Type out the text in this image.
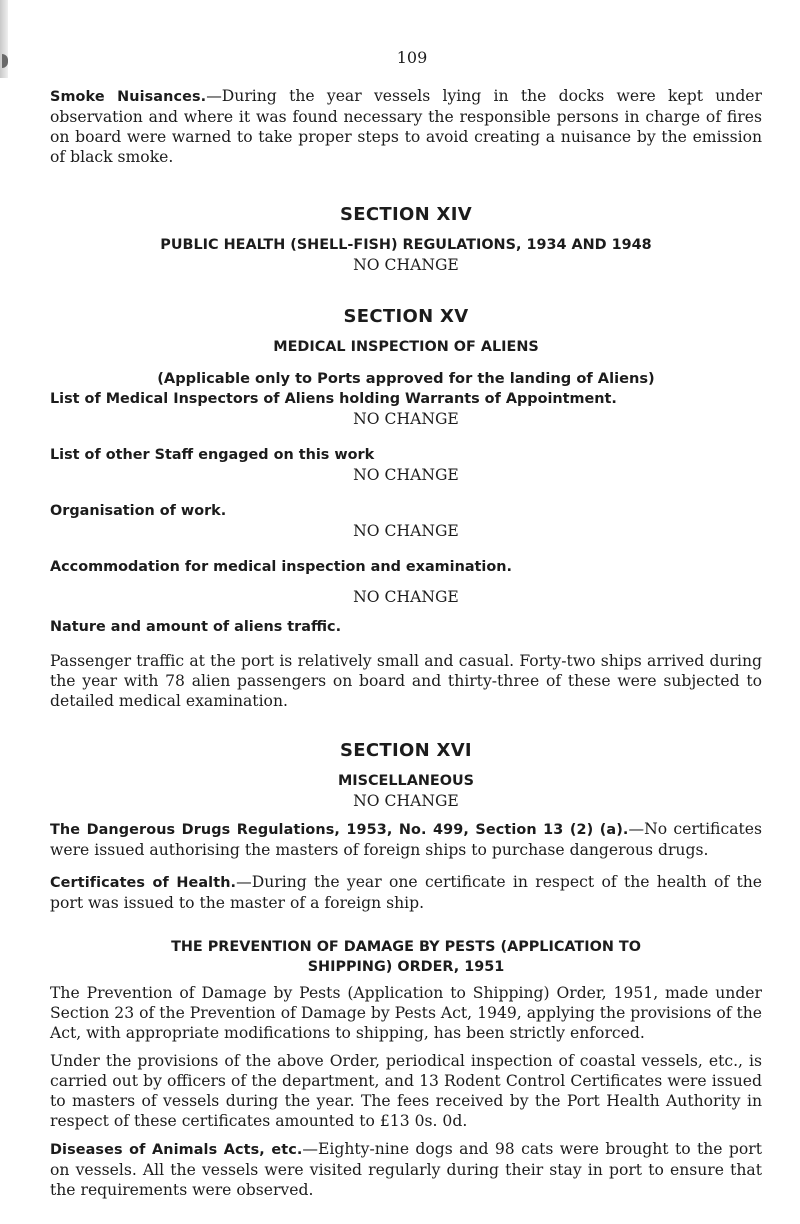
109

Smoke Nuisances.—During the year vessels lying in the docks were kept under observation and where it was found necessary the responsible persons in charge of fires on board were warned to take proper steps to avoid creating a nuisance by the emission of black smoke.

SECTION XIV
PUBLIC HEALTH (SHELL-FISH) REGULATIONS, 1934 AND 1948
NO CHANGE
SECTION XV
MEDICAL INSPECTION OF ALIENS
(Applicable only to Ports approved for the landing of Aliens)
List of Medical Inspectors of Aliens holding Warrants of Appointment.
NO CHANGE
List of other Staff engaged on this work
NO CHANGE
Organisation of work.
NO CHANGE
Accommodation for medical inspection and examination.
NO CHANGE
Nature and amount of aliens traffic.

Passenger traffic at the port is relatively small and casual. Forty-two ships arrived during the year with 78 alien passengers on board and thirty-three of these were subjected to detailed medical examination.

SECTION XVI
MISCELLANEOUS
NO CHANGE

The Dangerous Drugs Regulations, 1953, No. 499, Section 13 (2) (a).—No certificates were issued authorising the masters of foreign ships to purchase dangerous drugs.

Certificates of Health.—During the year one certificate in respect of the health of the port was issued to the master of a foreign ship.

THE PREVENTION OF DAMAGE BY PESTS (APPLICATION TO
SHIPPING) ORDER, 1951

The Prevention of Damage by Pests (Application to Shipping) Order, 1951, made under Section 23 of the Prevention of Damage by Pests Act, 1949, applying the provisions of the Act, with appropriate modifications to shipping, has been strictly enforced.

Under the provisions of the above Order, periodical inspection of coastal vessels, etc., is carried out by officers of the department, and 13 Rodent Control Certificates were issued to masters of vessels during the year. The fees received by the Port Health Authority in respect of these certificates amounted to £13 0s. 0d.

Diseases of Animals Acts, etc.—Eighty-nine dogs and 98 cats were brought to the port on vessels. All the vessels were visited regularly during their stay in port to ensure that the requirements were observed.
